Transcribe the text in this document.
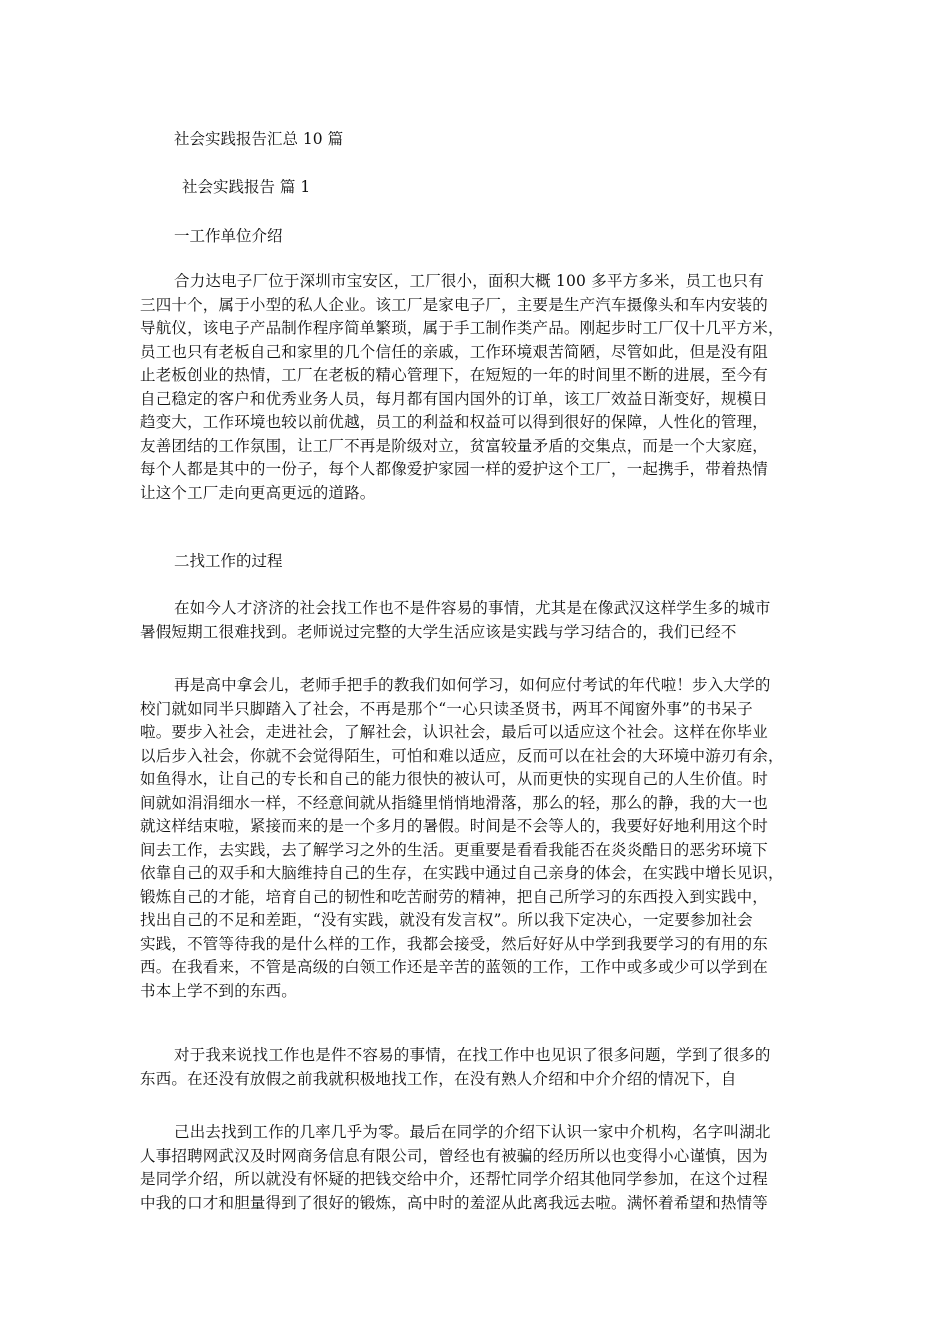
社会实践报告汇总 10 篇
社会实践报告 篇 1
一工作单位介绍
合力达电子厂位于深圳市宝安区，工厂很小，面积大概 100 多平方多米，员工也只有
三四十个，属于小型的私人企业。该工厂是家电子厂，主要是生产汽车摄像头和车内安装的
导航仪，该电子产品制作程序简单繁琐，属于手工制作类产品。刚起步时工厂仅十几平方米，
员工也只有老板自己和家里的几个信任的亲戚，工作环境艰苦简陋，尽管如此，但是没有阻
止老板创业的热情，工厂在老板的精心管理下，在短短的一年的时间里不断的进展，至今有
自己稳定的客户和优秀业务人员，每月都有国内国外的订单，该工厂效益日渐变好，规模日
趋变大，工作环境也较以前优越，员工的利益和权益可以得到很好的保障，人性化的管理，
友善团结的工作氛围，让工厂不再是阶级对立，贫富较量矛盾的交集点，而是一个大家庭，
每个人都是其中的一份子，每个人都像爱护家园一样的爱护这个工厂，一起携手，带着热情
让这个工厂走向更高更远的道路。
二找工作的过程
在如今人才济济的社会找工作也不是件容易的事情，尤其是在像武汉这样学生多的城市
暑假短期工很难找到。老师说过完整的大学生活应该是实践与学习结合的，我们已经不
再是高中拿会儿，老师手把手的教我们如何学习，如何应付考试的年代啦！步入大学的
校门就如同半只脚踏入了社会，不再是那个“一心只读圣贤书，两耳不闻窗外事”的书呆子
啦。要步入社会，走进社会，了解社会，认识社会，最后可以适应这个社会。这样在你毕业
以后步入社会，你就不会觉得陌生，可怕和难以适应，反而可以在社会的大环境中游刃有余，
如鱼得水，让自己的专长和自己的能力很快的被认可，从而更快的实现自己的人生价值。时
间就如涓涓细水一样，不经意间就从指缝里悄悄地滑落，那么的轻，那么的静，我的大一也
就这样结束啦，紧接而来的是一个多月的暑假。时间是不会等人的，我要好好地利用这个时
间去工作，去实践，去了解学习之外的生活。更重要是看看我能否在炎炎酷日的恶劣环境下
依靠自己的双手和大脑维持自己的生存，在实践中通过自己亲身的体会，在实践中增长见识，
锻炼自己的才能，培育自己的韧性和吃苦耐劳的精神，把自己所学习的东西投入到实践中，
找出自己的不足和差距，“没有实践，就没有发言权”。所以我下定决心，一定要参加社会
实践，不管等待我的是什么样的工作，我都会接受，然后好好从中学到我要学习的有用的东
西。在我看来，不管是高级的白领工作还是辛苦的蓝领的工作，工作中或多或少可以学到在
书本上学不到的东西。
对于我来说找工作也是件不容易的事情，在找工作中也见识了很多问题，学到了很多的
东西。在还没有放假之前我就积极地找工作，在没有熟人介绍和中介介绍的情况下，自
己出去找到工作的几率几乎为零。最后在同学的介绍下认识一家中介机构，名字叫湖北
人事招聘网武汉及时网商务信息有限公司，曾经也有被骗的经历所以也变得小心谨慎，因为
是同学介绍，所以就没有怀疑的把钱交给中介，还帮忙同学介绍其他同学参加，在这个过程
中我的口才和胆量得到了很好的锻炼，高中时的羞涩从此离我远去啦。满怀着希望和热情等
